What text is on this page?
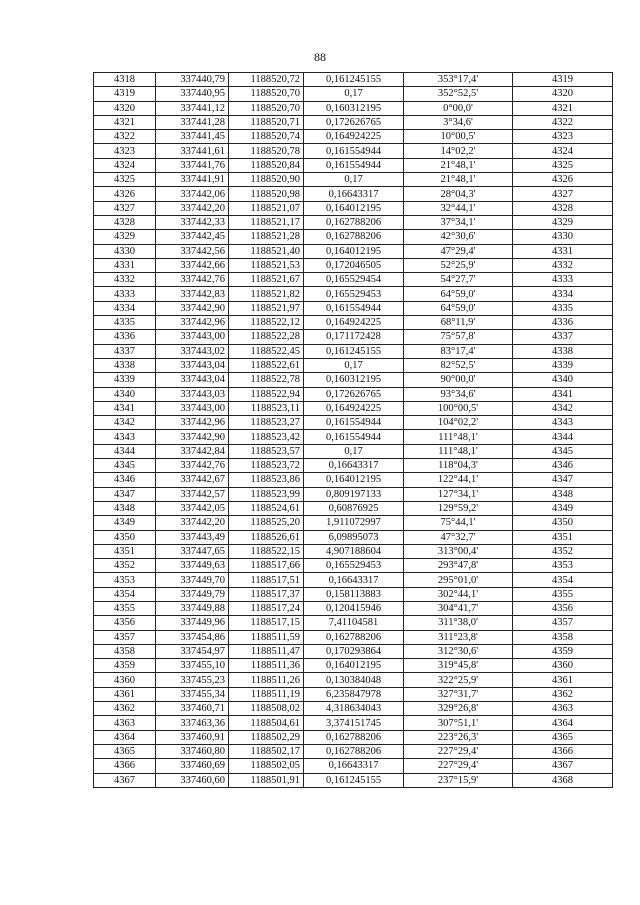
88
4318	337440,79	1188520,72	0,161245155	353°17,4'	4319
4319	337440,95	1188520,70	0,17	352°52,5'	4320
4320	337441,12	1188520,70	0,160312195	0°00,0'	4321
4321	337441,28	1188520,71	0,172626765	3°34,6'	4322
4322	337441,45	1188520,74	0,164924225	10°00,5'	4323
4323	337441,61	1188520,78	0,161554944	14°02,2'	4324
4324	337441,76	1188520,84	0,161554944	21°48,1'	4325
4325	337441,91	1188520,90	0,17	21°48,1'	4326
4326	337442,06	1188520,98	0,16643317	28°04,3'	4327
4327	337442,20	1188521,07	0,164012195	32°44,1'	4328
4328	337442,33	1188521,17	0,162788206	37°34,1'	4329
4329	337442,45	1188521,28	0,162788206	42°30,6'	4330
4330	337442,56	1188521,40	0,164012195	47°29,4'	4331
4331	337442,66	1188521,53	0,172046505	52°25,9'	4332
4332	337442,76	1188521,67	0,165529454	54°27,7'	4333
4333	337442,83	1188521,82	0,165529453	64°59,0'	4334
4334	337442,90	1188521,97	0,161554944	64°59,0'	4335
4335	337442,96	1188522,12	0,164924225	68°11,9'	4336
4336	337443,00	1188522,28	0,171172428	75°57,8'	4337
4337	337443,02	1188522,45	0,161245155	83°17,4'	4338
4338	337443,04	1188522,61	0,17	82°52,5'	4339
4339	337443,04	1188522,78	0,160312195	90°00,0'	4340
4340	337443,03	1188522,94	0,172626765	93°34,6'	4341
4341	337443,00	1188523,11	0,164924225	100°00,5'	4342
4342	337442,96	1188523,27	0,161554944	104°02,2'	4343
4343	337442,90	1188523,42	0,161554944	111°48,1'	4344
4344	337442,84	1188523,57	0,17	111°48,1'	4345
4345	337442,76	1188523,72	0,16643317	118°04,3'	4346
4346	337442,67	1188523,86	0,164012195	122°44,1'	4347
4347	337442,57	1188523,99	0,809197133	127°34,1'	4348
4348	337442,05	1188524,61	0,60876925	129°59,2'	4349
4349	337442,20	1188525,20	1,911072997	75°44,1'	4350
4350	337443,49	1188526,61	6,09895073	47°32,7'	4351
4351	337447,65	1188522,15	4,907188604	313°00,4'	4352
4352	337449,63	1188517,66	0,165529453	293°47,8'	4353
4353	337449,70	1188517,51	0,16643317	295°01,0'	4354
4354	337449,79	1188517,37	0,158113883	302°44,1'	4355
4355	337449,88	1188517,24	0,120415946	304°41,7'	4356
4356	337449,96	1188517,15	7,41104581	311°38,0'	4357
4357	337454,86	1188511,59	0,162788206	311°23,8'	4358
4358	337454,97	1188511,47	0,170293864	312°30,6'	4359
4359	337455,10	1188511,36	0,164012195	319°45,8'	4360
4360	337455,23	1188511,26	0,130384048	322°25,9'	4361
4361	337455,34	1188511,19	6,235847978	327°31,7'	4362
4362	337460,71	1188508,02	4,318634043	329°26,8'	4363
4363	337463,36	1188504,61	3,374151745	307°51,1'	4364
4364	337460,91	1188502,29	0,162788206	223°26,3'	4365
4365	337460,80	1188502,17	0,162788206	227°29,4'	4366
4366	337460,69	1188502,05	0,16643317	227°29,4'	4367
4367	337460,60	1188501,91	0,161245155	237°15,9'	4368
